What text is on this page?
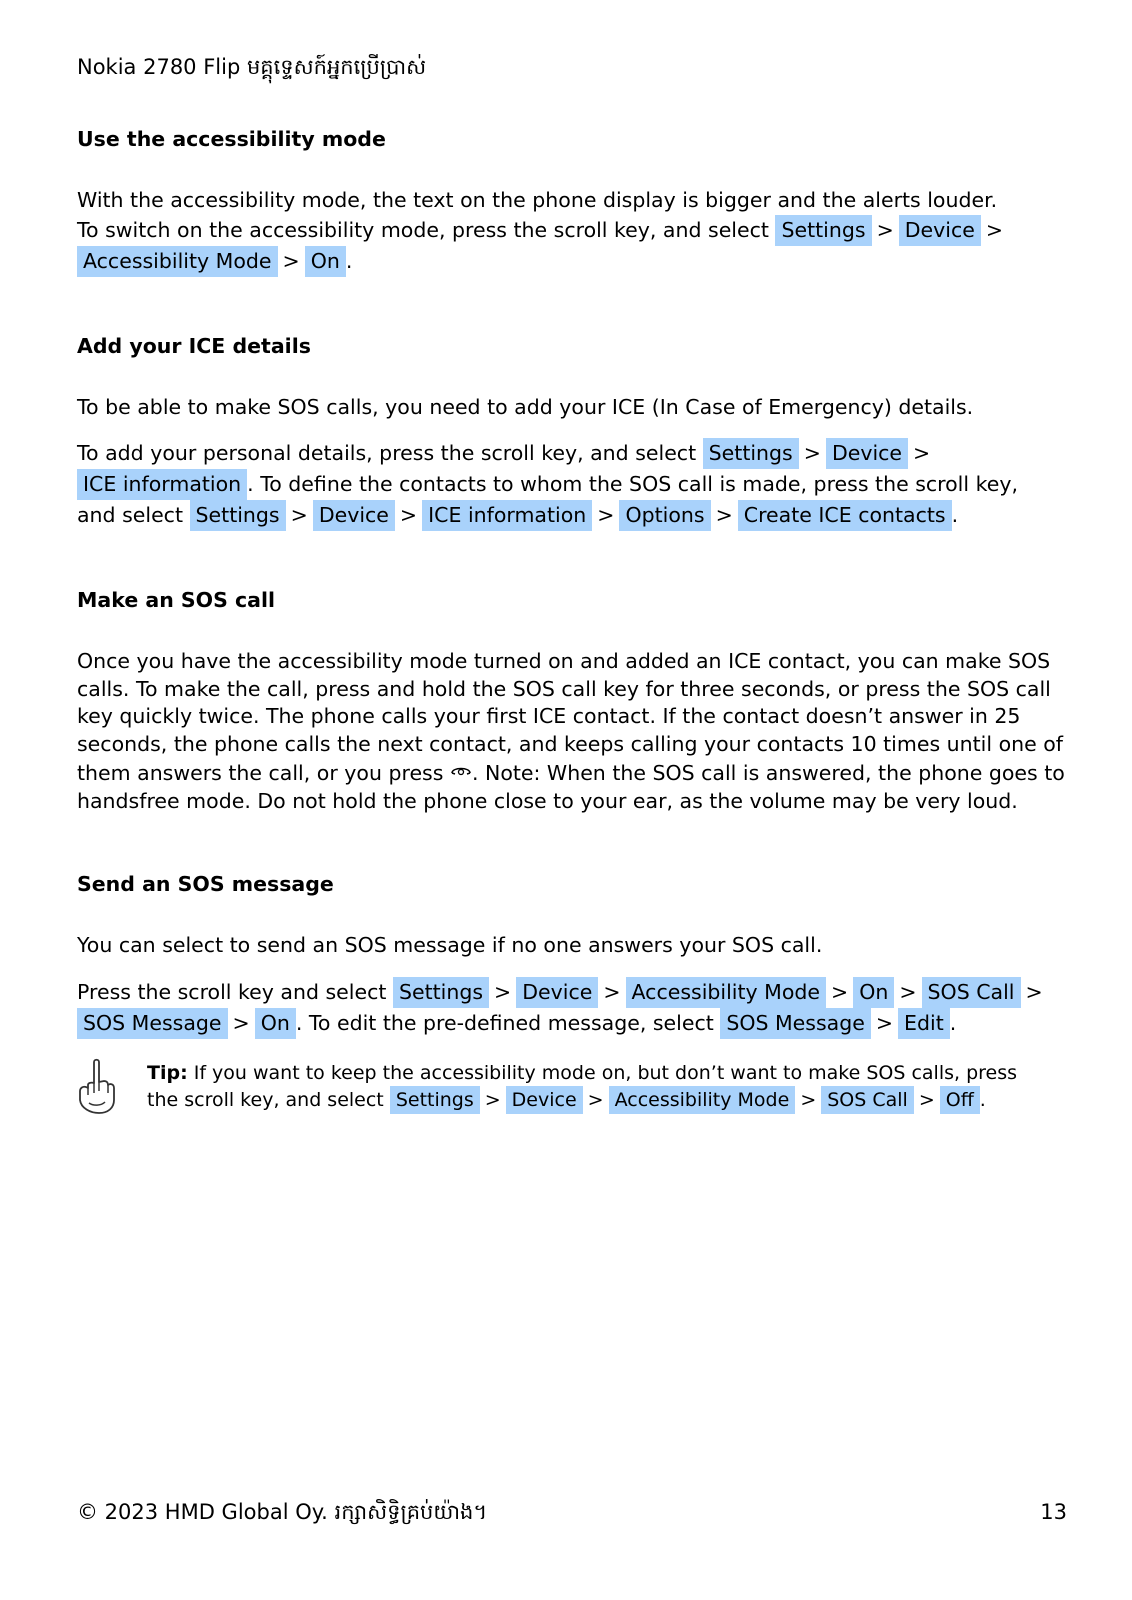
Nokia 2780 Flip មគ្គុទ្ទេសក៍អ្នកប្រើប្រាស់
Use the accessibility mode

With the accessibility mode, the text on the phone display is bigger and the alerts louder.

To switch on the accessibility mode, press the scroll key, and select Settings > Device >

Accessibility Mode > On .

Add your ICE details

To be able to make SOS calls, you need to add your ICE (In Case of Emergency) details.

To add your personal details, press the scroll key, and select Settings > Device >

ICE information . To define the contacts to whom the SOS call is made, press the scroll key,

and select Settings > Device > ICE information > Options > Create ICE contacts .

Make an SOS call

Once you have the accessibility mode turned on and added an ICE contact, you can make SOS

calls. To make the call, press and hold the SOS call key for three seconds, or press the SOS call

key quickly twice. The phone calls your first ICE contact. If the contact doesn’t answer in 25

seconds, the phone calls the next contact, and keeps calling your contacts 10 times until one of

them answers the call, or you press . Note: When the SOS call is answered, the phone goes to

handsfree mode. Do not hold the phone close to your ear, as the volume may be very loud.

Send an SOS message

You can select to send an SOS message if no one answers your SOS call.

Press the scroll key and select Settings > Device > Accessibility Mode > On > SOS Call >

SOS Message > On . To edit the pre-defined message, select SOS Message > Edit .

Tip: If you want to keep the accessibility mode on, but don’t want to make SOS calls, press

the scroll key, and select Settings > Device > Accessibility Mode > SOS Call > Off .

© 2023 HMD Global Oy. រក្សាសិទ្ធិគ្រប់យ៉ាង។	13
